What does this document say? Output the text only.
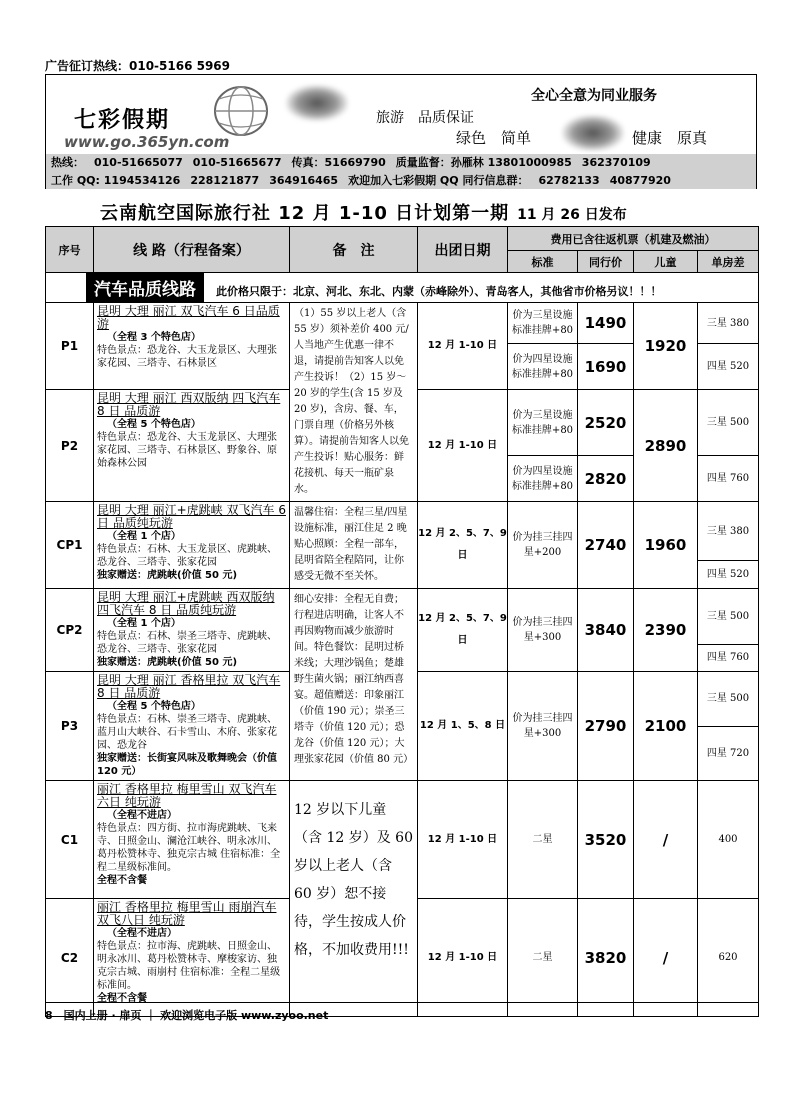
广告征订热线：010-5166 5969
七彩假期
www.go.365yn.com
全心全意为同业服务
旅游　品质保证
绿色　简单	健康　原真
热线： 010-51665077 010-51665677 传真：51669790 质量监督：孙雁林 13801000985 362370109
工作 QQ: 1194534126 228121877 364916465 欢迎加入七彩假期 QQ 同行信息群： 62782133 40877920
云南航空国际旅行社 12 月 1-10 日计划第一期 11 月 26 日发布
序号	线 路（行程备案）	备　注	出团日期	费用已含往返机票（机建及燃油）			
				标准	同行价	儿童	单房差
汽车品质线路 此价格只限于：北京、河北、东北、内蒙（赤峰除外）、青岛客人，其他省市价格另议！！！							
P1	昆明 大理 丽江 双飞汽车 6 日品质游
（全程 3 个特色店）
特色景点：恐龙谷、大玉龙景区、大理张家花园、三塔寺、石林景区	（1）55 岁以上老人（含 55 岁）须补差价 400 元/人当地产生优惠一律不退，请提前告知客人以免产生投诉！（2）15 岁～20 岁的学生(含 15 岁及 20 岁)，含房、餐、车，门票自理（价格另外核算）。请提前告知客人以免产生投诉！贴心服务：鲜花接机、每天一瓶矿泉水。	12 月 1-10 日	价为三星设施标准挂牌+80	1490	1920	三星 380
				价为四星设施标准挂牌+80	1690		四星 520
P2	昆明 大理 丽江 西双版纳 四飞汽车 8 日 品质游
（全程 5 个特色店）
特色景点：恐龙谷、大玉龙景区、大理张家花园、三塔寺、石林景区、野象谷、原始森林公园		12 月 1-10 日	价为三星设施标准挂牌+80	2520	2890	三星 500
				价为四星设施标准挂牌+80	2820		四星 760
CP1	昆明 大理 丽江+虎跳峡 双飞汽车 6 日 品质纯玩游
（全程 1 个店）
特色景点：石林、大玉龙景区、虎跳峡、恐龙谷、三塔寺、张家花园
独家赠送：虎跳峡(价值 50 元)	温馨住宿：全程三星/四星设施标准，丽江住足 2 晚 贴心照顾：全程一部车，昆明省陪全程陪同，让你感受无微不至关怀。	12 月 2、5、7、9 日	价为挂三挂四星+200	2740	1960	三星 380
							四星 520
CP2	昆明 大理 丽江+虎跳峡 西双版纳 四飞汽车 8 日 品质纯玩游
（全程 1 个店）
特色景点：石林、崇圣三塔寺、虎跳峡、恐龙谷、三塔寺、张家花园
独家赠送：虎跳峡(价值 50 元)	细心安排：全程无自费；行程进店明确，让客人不再因购物而减少旅游时间。特色餐饮：昆明过桥米线；大理沙锅鱼；楚雄野生菌火锅；丽江纳西喜宴。超值赠送：印象丽江（价值 190 元）；崇圣三塔寺（价值 120 元）；恐龙谷（价值 120 元）；大理张家花园（价值 80 元）	12 月 2、5、7、9 日	价为挂三挂四星+300	3840	2390	三星 500
							四星 760
P3	昆明 大理 丽江 香格里拉 双飞汽车 8 日 品质游
（全程 5 个特色店）
特色景点：石林、崇圣三塔寺、虎跳峡、蓝月山大峡谷、石卡雪山、木府、张家花园、恐龙谷
独家赠送：长街宴风味及歌舞晚会（价值 120 元）		12 月 1、5、8 日	价为挂三挂四星+300	2790	2100	三星 500
							四星 720
C1	丽江 香格里拉 梅里雪山 双飞汽车六日 纯玩游
（全程不进店）
特色景点：四方街、拉市海虎跳峡、飞来寺、日照金山、澜沧江峡谷、明永冰川、葛丹松赞林寺、独克宗古城 住宿标准：全程二星级标准间。
全程不含餐	12 岁以下儿童（含 12 岁）及 60 岁以上老人（含 60 岁）恕不接待，学生按成人价格，不加收费用!!!	12 月 1-10 日	二星	3520	/	400
C2	丽江 香格里拉 梅里雪山 雨崩汽车双飞八日 纯玩游
（全程不进店）
特色景点：拉市海、虎跳峡、日照金山、明永冰川、葛丹松赞林寺、摩梭家访、独克宗古城、雨崩村 住宿标准：全程二星级标准间。
全程不含餐		12 月 1-10 日	二星	3820	/	620
8　国内上册 · 扉页 ｜ 欢迎浏览电子版 www.zyoo.net
